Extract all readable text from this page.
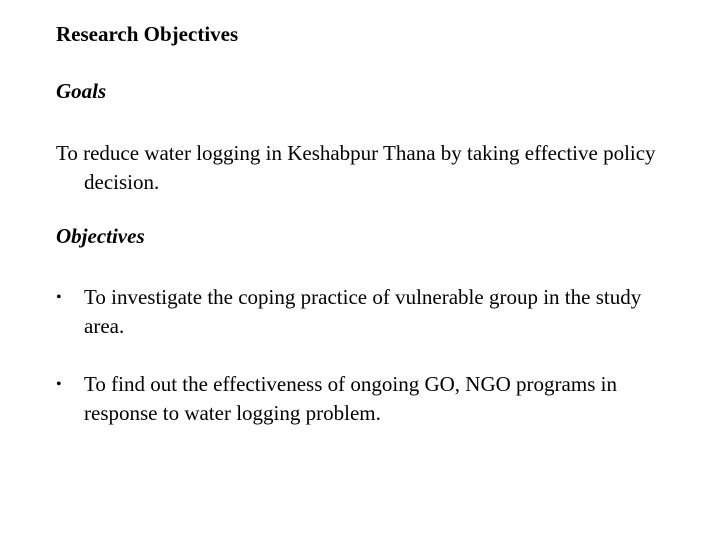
Research Objectives
Goals

To reduce water logging in Keshabpur Thana by taking effective policy decision.

Objectives
•	To investigate the coping practice of vulnerable group in the study area.
•	To find out the effectiveness of ongoing GO, NGO programs in response to water logging problem.
